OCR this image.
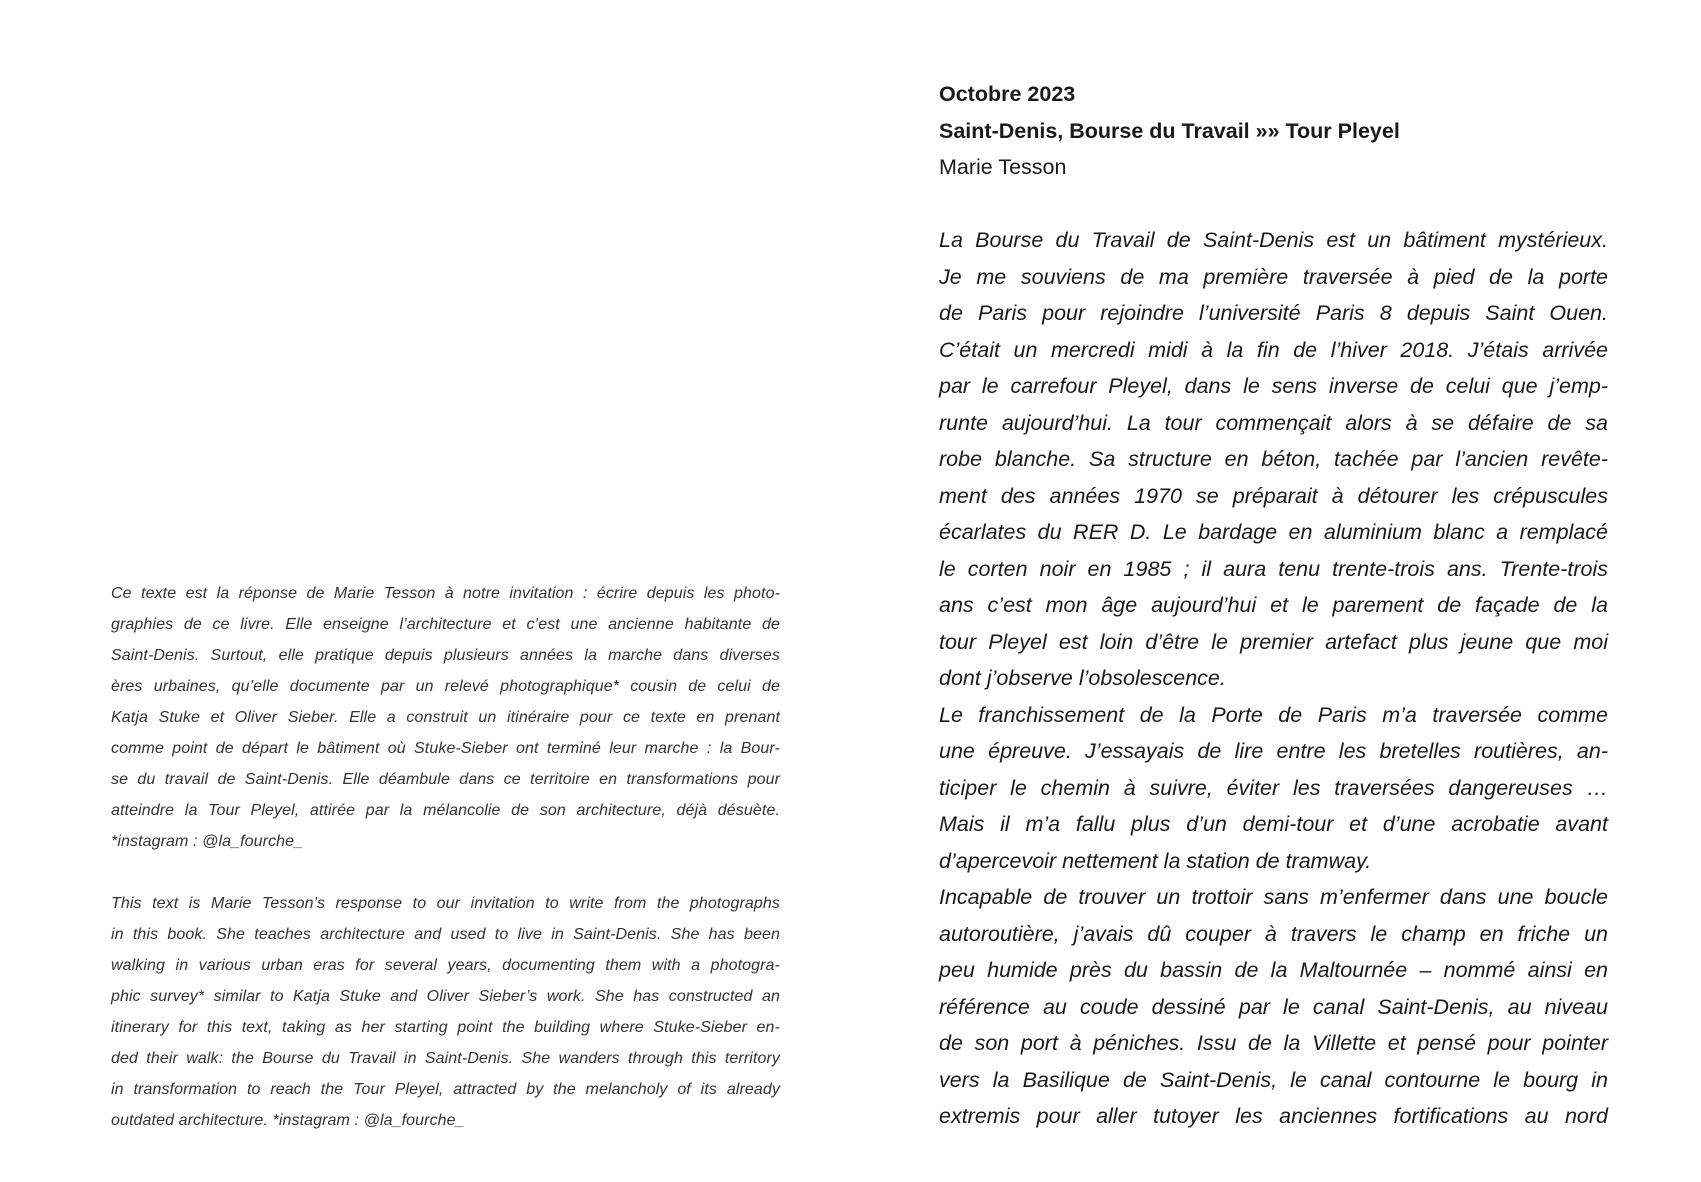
Ce texte est la réponse de Marie Tesson à notre invitation : écrire depuis les photo-
graphies de ce livre. Elle enseigne l’architecture et c’est une ancienne habitante de
Saint-Denis. Surtout, elle pratique depuis plusieurs années la marche dans diverses
ères urbaines, qu’elle documente par un relevé photographique* cousin de celui de
Katja Stuke et Oliver Sieber. Elle a construit un itinéraire pour ce texte en prenant
comme point de départ le bâtiment où Stuke-Sieber ont terminé leur marche : la Bour-
se du travail de Saint-Denis. Elle déambule dans ce territoire en transformations pour
atteindre la Tour Pleyel, attirée par la mélancolie de son architecture, déjà désuète.
*instagram : @la_fourche_
This text is Marie Tesson’s response to our invitation to write from the photographs
in this book. She teaches architecture and used to live in Saint-Denis. She has been
walking in various urban eras for several years, documenting them with a photogra-
phic survey* similar to Katja Stuke and Oliver Sieber’s work. She has constructed an
itinerary for this text, taking as her starting point the building where Stuke-Sieber en-
ded their walk: the Bourse du Travail in Saint-Denis. She wanders through this territory
in transformation to reach the Tour Pleyel, attracted by the melancholy of its already
outdated architecture. *instagram : @la_fourche_
Octobre 2023
Saint-Denis, Bourse du Travail »» Tour Pleyel
Marie Tesson
La Bourse du Travail de Saint-Denis est un bâtiment mystérieux.
Je me souviens de ma première traversée à pied de la porte
de Paris pour rejoindre l’université Paris 8 depuis Saint Ouen.
C’était un mercredi midi à la fin de l’hiver 2018. J’étais arrivée
par le carrefour Pleyel, dans le sens inverse de celui que j’emp-
runte aujourd’hui. La tour commençait alors à se défaire de sa
robe blanche. Sa structure en béton, tachée par l’ancien revête-
ment des années 1970 se préparait à détourer les crépuscules
écarlates du RER D. Le bardage en aluminium blanc a remplacé
le corten noir en 1985 ; il aura tenu trente-trois ans. Trente-trois
ans c’est mon âge aujourd’hui et le parement de façade de la
tour Pleyel est loin d’être le premier artefact plus jeune que moi
dont j’observe l’obsolescence.
Le franchissement de la Porte de Paris m’a traversée comme
une épreuve. J’essayais de lire entre les bretelles routières, an-
ticiper le chemin à suivre, éviter les traversées dangereuses …
Mais il m’a fallu plus d’un demi-tour et d’une acrobatie avant
d’apercevoir nettement la station de tramway.
Incapable de trouver un trottoir sans m’enfermer dans une boucle
autoroutière, j’avais dû couper à travers le champ en friche un
peu humide près du bassin de la Maltournée – nommé ainsi en
référence au coude dessiné par le canal Saint-Denis, au niveau
de son port à péniches. Issu de la Villette et pensé pour pointer
vers la Basilique de Saint-Denis, le canal contourne le bourg in
extremis pour aller tutoyer les anciennes fortifications au nord
